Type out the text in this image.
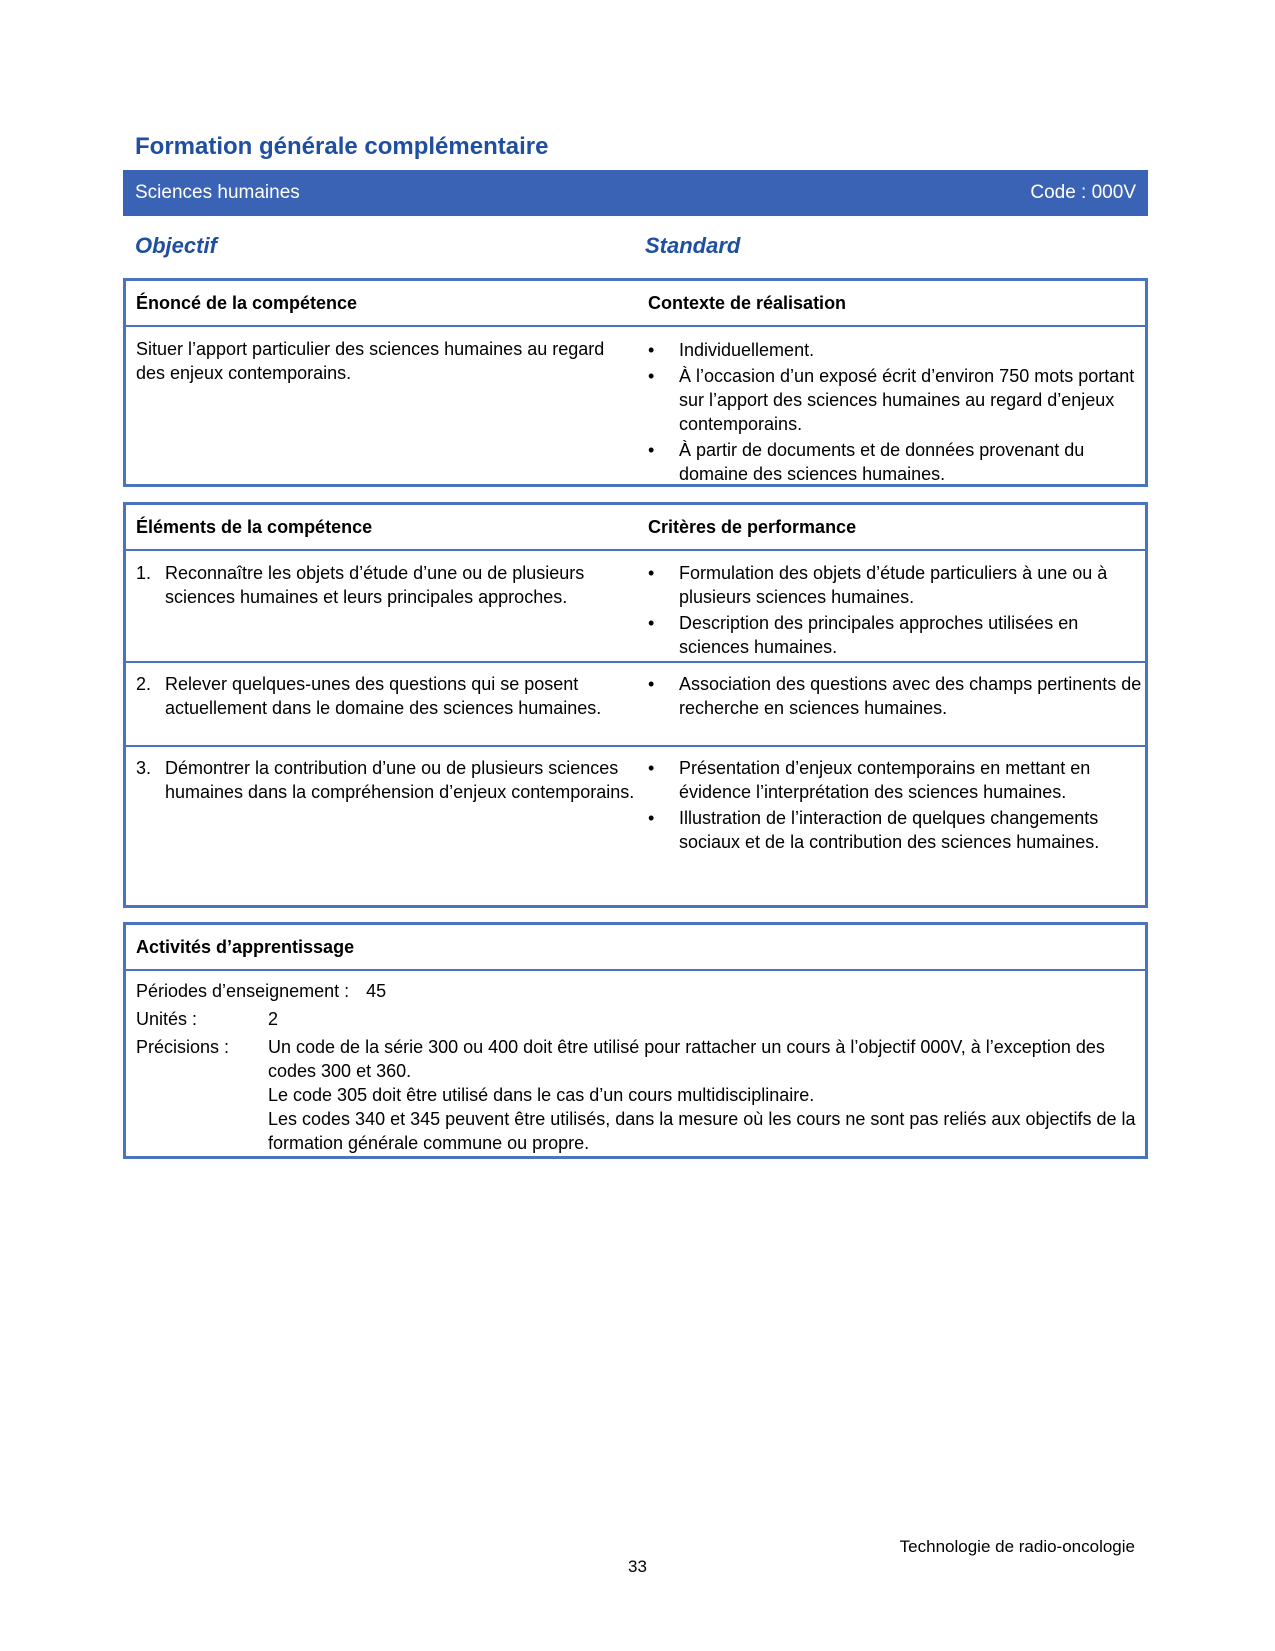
Formation générale complémentaire
Sciences humaines	Code : 000V
Objectif	Standard
Énoncé de la compétence	Contexte de réalisation
Situer l’apport particulier des sciences humaines au regard des enjeux contemporains.
• Individuellement.
• À l’occasion d’un exposé écrit d’environ 750 mots portant sur l’apport des sciences humaines au regard d’enjeux contemporains.
• À partir de documents et de données provenant du domaine des sciences humaines.
Éléments de la compétence	Critères de performance
1. Reconnaître les objets d’étude d’une ou de plusieurs sciences humaines et leurs principales approches.
• Formulation des objets d’étude particuliers à une ou à plusieurs sciences humaines.
• Description des principales approches utilisées en sciences humaines.
2. Relever quelques-unes des questions qui se posent actuellement dans le domaine des sciences humaines.
• Association des questions avec des champs pertinents de recherche en sciences humaines.
3. Démontrer la contribution d’une ou de plusieurs sciences humaines dans la compréhension d’enjeux contemporains.
• Présentation d’enjeux contemporains en mettant en évidence l’interprétation des sciences humaines.
• Illustration de l’interaction de quelques changements sociaux et de la contribution des sciences humaines.
Activités d’apprentissage
Périodes d’enseignement : 45
Unités :	2
Précisions : Un code de la série 300 ou 400 doit être utilisé pour rattacher un cours à l’objectif 000V, à l’exception des codes 300 et 360.
Le code 305 doit être utilisé dans le cas d’un cours multidisciplinaire.
Les codes 340 et 345 peuvent être utilisés, dans la mesure où les cours ne sont pas reliés aux objectifs de la formation générale commune ou propre.
Technologie de radio-oncologie
33
